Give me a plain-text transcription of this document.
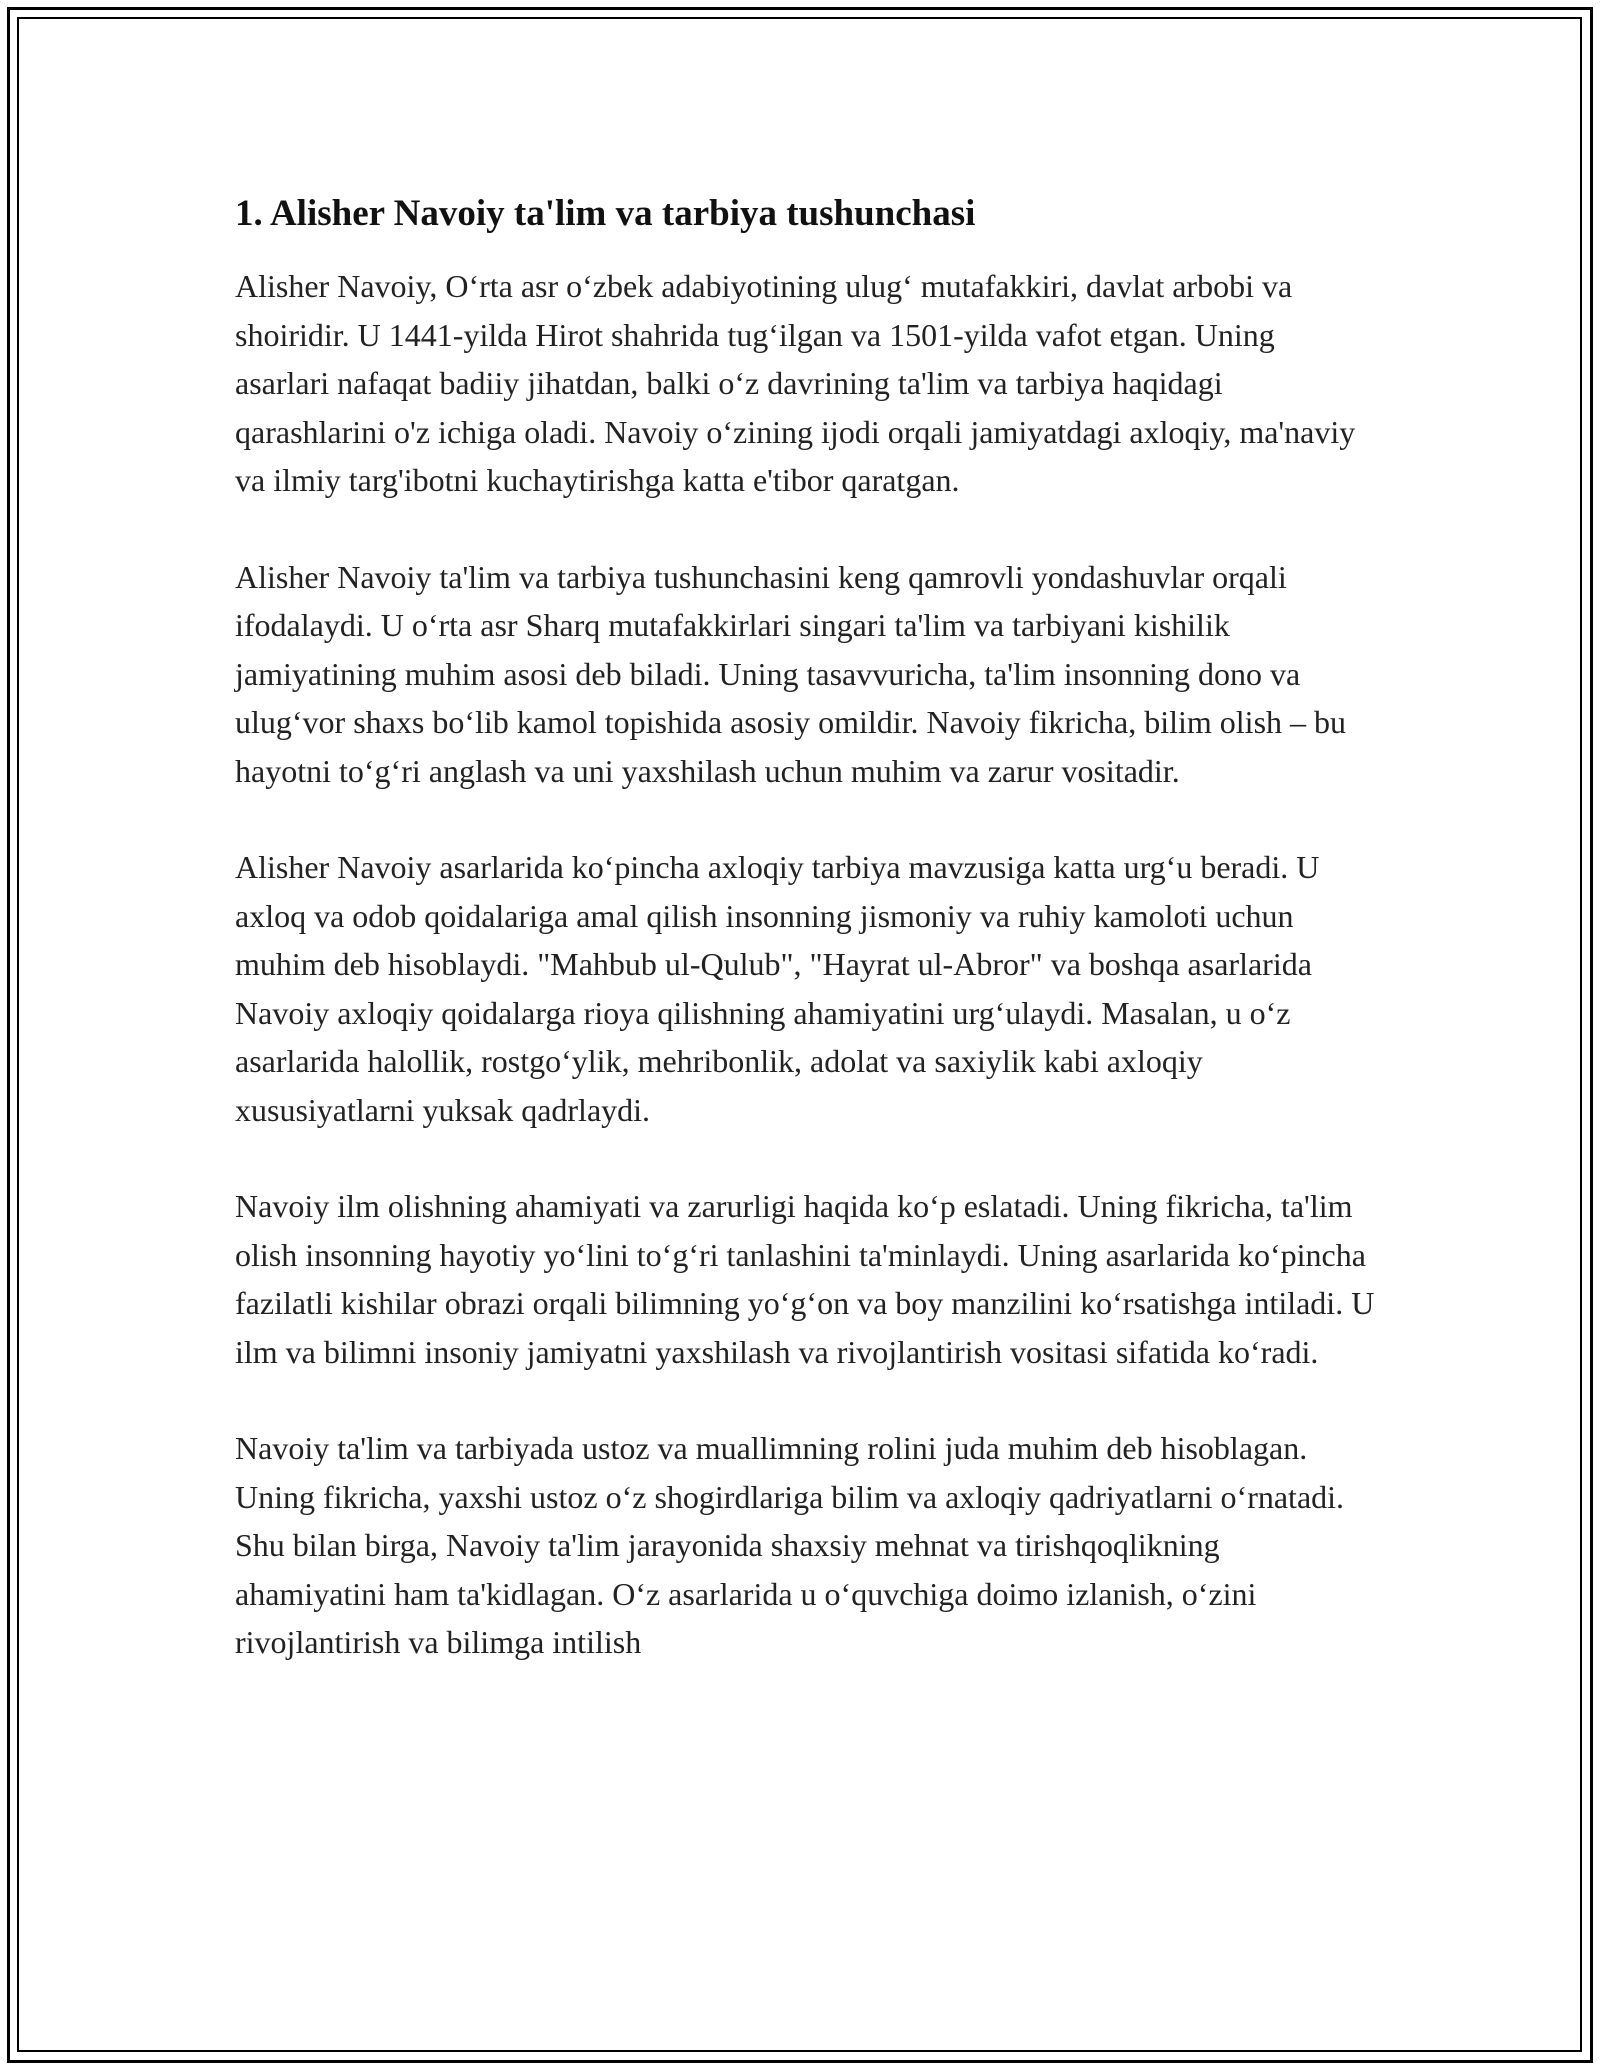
1. Alisher Navoiy ta'lim va tarbiya tushunchasi

Alisher Navoiy, O‘rta asr o‘zbek adabiyotining ulug‘ mutafakkiri, davlat arbobi va shoiridir. U 1441-yilda Hirot shahrida tug‘ilgan va 1501-yilda vafot etgan. Uning asarlari nafaqat badiiy jihatdan, balki o‘z davrining ta'lim va tarbiya haqidagi qarashlarini o'z ichiga oladi. Navoiy o‘zining ijodi orqali jamiyatdagi axloqiy, ma'naviy va ilmiy targ'ibotni kuchaytirishga katta e'tibor qaratgan.

Alisher Navoiy ta'lim va tarbiya tushunchasini keng qamrovli yondashuvlar orqali ifodalaydi. U o‘rta asr Sharq mutafakkirlari singari ta'lim va tarbiyani kishilik jamiyatining muhim asosi deb biladi. Uning tasavvuricha, ta'lim insonning dono va ulug‘vor shaxs bo‘lib kamol topishida asosiy omildir. Navoiy fikricha, bilim olish – bu hayotni to‘g‘ri anglash va uni yaxshilash uchun muhim va zarur vositadir.

Alisher Navoiy asarlarida ko‘pincha axloqiy tarbiya mavzusiga katta urg‘u beradi. U axloq va odob qoidalariga amal qilish insonning jismoniy va ruhiy kamoloti uchun muhim deb hisoblaydi. "Mahbub ul-Qulub", "Hayrat ul-Abror" va boshqa asarlarida Navoiy axloqiy qoidalarga rioya qilishning ahamiyatini urg‘ulaydi. Masalan, u o‘z asarlarida halollik, rostgo‘ylik, mehribonlik, adolat va saxiylik kabi axloqiy xususiyatlarni yuksak qadrlaydi.

Navoiy ilm olishning ahamiyati va zarurligi haqida ko‘p eslatadi. Uning fikricha, ta'lim olish insonning hayotiy yo‘lini to‘g‘ri tanlashini ta'minlaydi. Uning asarlarida ko‘pincha fazilatli kishilar obrazi orqali bilimning yo‘g‘on va boy manzilini ko‘rsatishga intiladi. U ilm va bilimni insoniy jamiyatni yaxshilash va rivojlantirish vositasi sifatida ko‘radi.

Navoiy ta'lim va tarbiyada ustoz va muallimning rolini juda muhim deb hisoblagan. Uning fikricha, yaxshi ustoz o‘z shogirdlariga bilim va axloqiy qadriyatlarni o‘rnatadi. Shu bilan birga, Navoiy ta'lim jarayonida shaxsiy mehnat va tirishqoqlikning ahamiyatini ham ta'kidlagan. O‘z asarlarida u o‘quvchiga doimo izlanish, o‘zini rivojlantirish va bilimga intilish
